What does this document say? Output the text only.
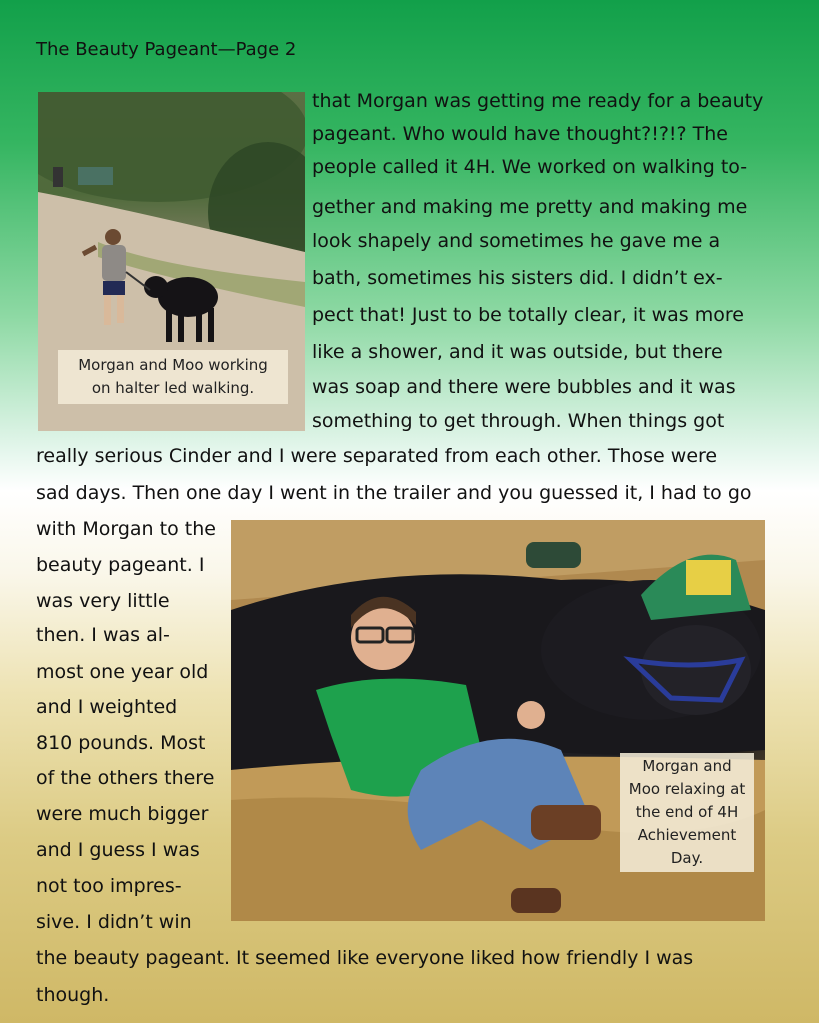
The Beauty Pageant—Page 2
Morgan and Moo working
on halter led walking.
Morgan and
Moo relaxing at
the end of 4H
Achievement
Day.
that Morgan was getting me ready for a beauty
pageant. Who would have thought?!?!? The
people called it 4H. We worked on walking to-
gether and making me pretty and making me
look shapely and sometimes he gave me a
bath, sometimes his sisters did. I didn’t ex-
pect that! Just to be totally clear, it was more
like a shower, and it was outside, but there
was soap and there were bubbles and it was
something to get through. When things got
really serious Cinder and I were separated from each other. Those were
sad days. Then one day I went in the trailer and you guessed it, I had to go
with Morgan to the
beauty pageant. I
was very little
then. I was al-
most one year old
and I weighted
810 pounds. Most
of the others there
were much bigger
and I guess I was
not too impres-
sive. I didn’t win
the beauty pageant. It seemed like everyone liked how friendly I was
though.
